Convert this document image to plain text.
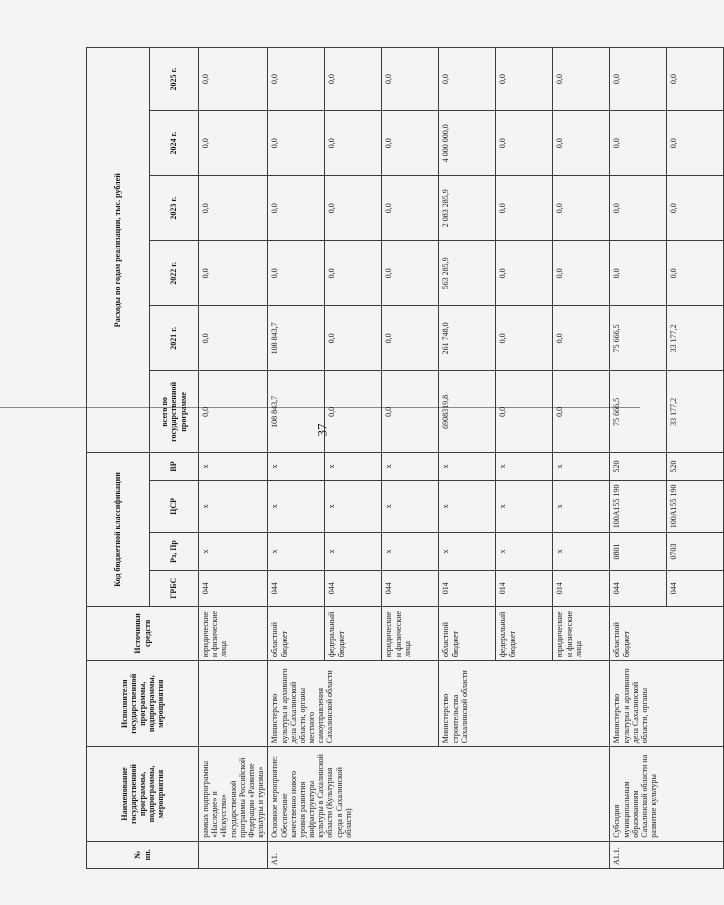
37
№ пп.	Наименование государственной программы, подпрограммы, мероприятия	Исполнители государственной программы, подпрограммы, мероприятия	Источники средств	Код бюджетной классификации				Расходы по годам реализации, тыс. рублей					
				ГРБС	Рз, Пр	ЦСР	ВР	всего по государственной программе	2021 г.	2022 г.	2023 г.	2024 г.	2025 г.
	рамках подпрограммы «Наследие» и «Искусство» государственной программы Российской Федерации «Развитие культуры и туризма»		юридические и физические лица	044	х	х	х	0,0	0,0	0,0	0,0	0,0	0,0
А1.	Основное мероприятие: Обеспечение качественно нового уровня развития инфраструктуры культуры в Сахалинской области (Культурная среда в Сахалинской области)	Министерство культуры и архивного дела Сахалинской области, органы местного самоуправления Сахалинской области	областной бюджет	044	х	х	х	108 843,7	108 843,7	0,0	0,0	0,0	0,0
			федеральный бюджет	044	х	х	х	0,0	0,0	0,0	0,0	0,0	0,0
			юридические и физические лица	044	х	х	х	0,0	0,0	0,0	0,0	0,0	0,0
		Министерство строительства Сахалинской области	областной бюджет	014	х	х	х	6908319,8	261 748,0	563 285,9	2 083 285,9	4 000 000,0	0,0
			федеральный бюджет	014	х	х	х	0,0	0,0	0,0	0,0	0,0	0,0
			юридические и физические лица	014	х	х	х	0,0	0,0	0,0	0,0	0,0	0,0
А1.1.	Субсидия муниципальным образованиям Сахалинской области на развитие культуры	Министерство культуры и архивного дела Сахалинской области, органы	областной бюджет	044	0801	100А155 190	520	75 666,5	75 666,5	0,0	0,0	0,0	0,0
				044	0703	100А155 190	520	33 177,2	33 177,2	0,0	0,0	0,0	0,0
